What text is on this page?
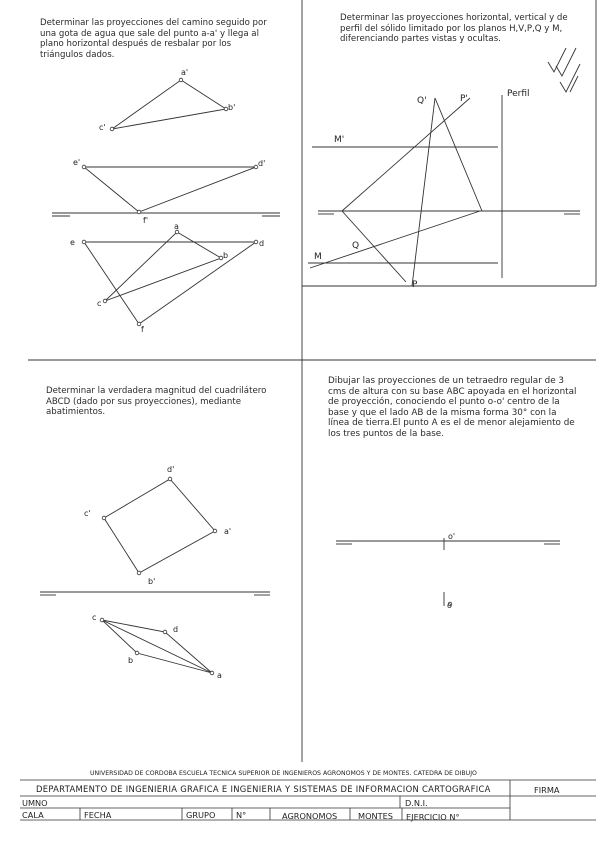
Determinar las proyecciones del camino seguido por una gota de agua que sale del punto a-a' y llega al plano horizontal después de resbalar por los triángulos dados.
Determinar las proyecciones horizontal, vertical y de perfil del sólido limitado por los planos H,V,P,Q y M, diferenciando partes vistas y ocultas.
Determinar la verdadera magnitud del cuadrilátero ABCD (dado por sus proyecciones), mediante abatimientos.
Dibujar las proyecciones de un tetraedro regular de 3 cms de altura con su base ABC apoyada en el horizontal de proyección, conociendo el punto o-o' centro de la base y que el lado AB de la misma forma 30° con la línea de tierra.El punto A es el de menor alejamiento de los tres puntos de la base.
a'
b'
c'
e'	d'
f'
a
b
c
d
e
f
Q'	P'	Perfil
M'
M
Q
P
d'
c'
a'
b'
c
d
b
a
o'
o
UNIVERSIDAD DE CORDOBA ESCUELA TECNICA SUPERIOR DE INGENIEROS AGRONOMOS Y DE MONTES. CATEDRA DE DIBUJO
DEPARTAMENTO DE INGENIERIA GRAFICA E INGENIERIA Y SISTEMAS DE INFORMACION CARTOGRAFICA	FIRMA
UMNO	D.N.I.
CALA	FECHA	GRUPO	N°	AGRONOMOS	MONTES EJERCICIO N°
